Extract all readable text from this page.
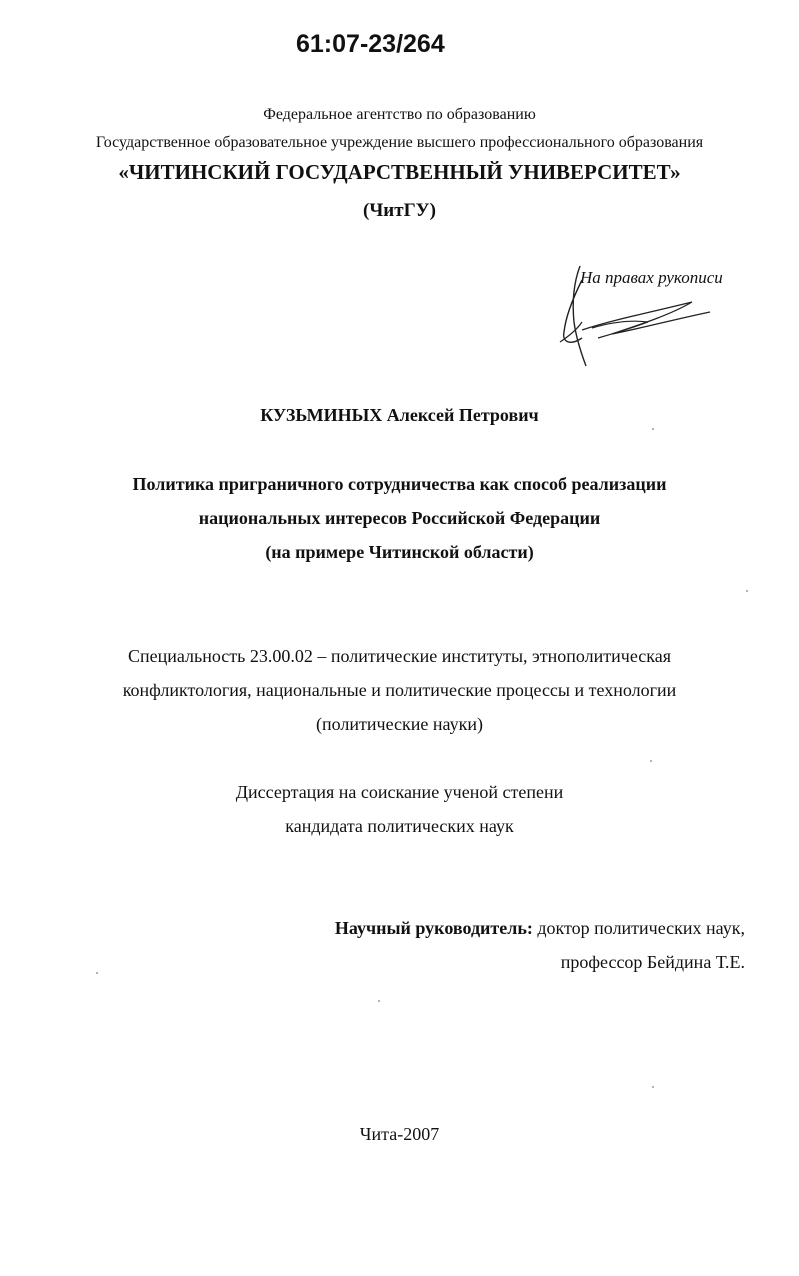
61:07-23/264
Федеральное агентство по образованию
Государственное образовательное учреждение высшего профессионального образования
«ЧИТИНСКИЙ ГОСУДАРСТВЕННЫЙ УНИВЕРСИТЕТ»
(ЧитГУ)
На правах рукописи
КУЗЬМИНЫХ Алексей Петрович
Политика приграничного сотрудничества как способ реализации
национальных интересов Российской Федерации
(на примере Читинской области)
Специальность 23.00.02 – политические институты, этнополитическая
конфликтология, национальные и политические процессы и технологии
(политические науки)
Диссертация на соискание ученой степени
кандидата политических наук
Научный руководитель: доктор политических наук,
профессор Бейдина Т.Е.
Чита-2007
